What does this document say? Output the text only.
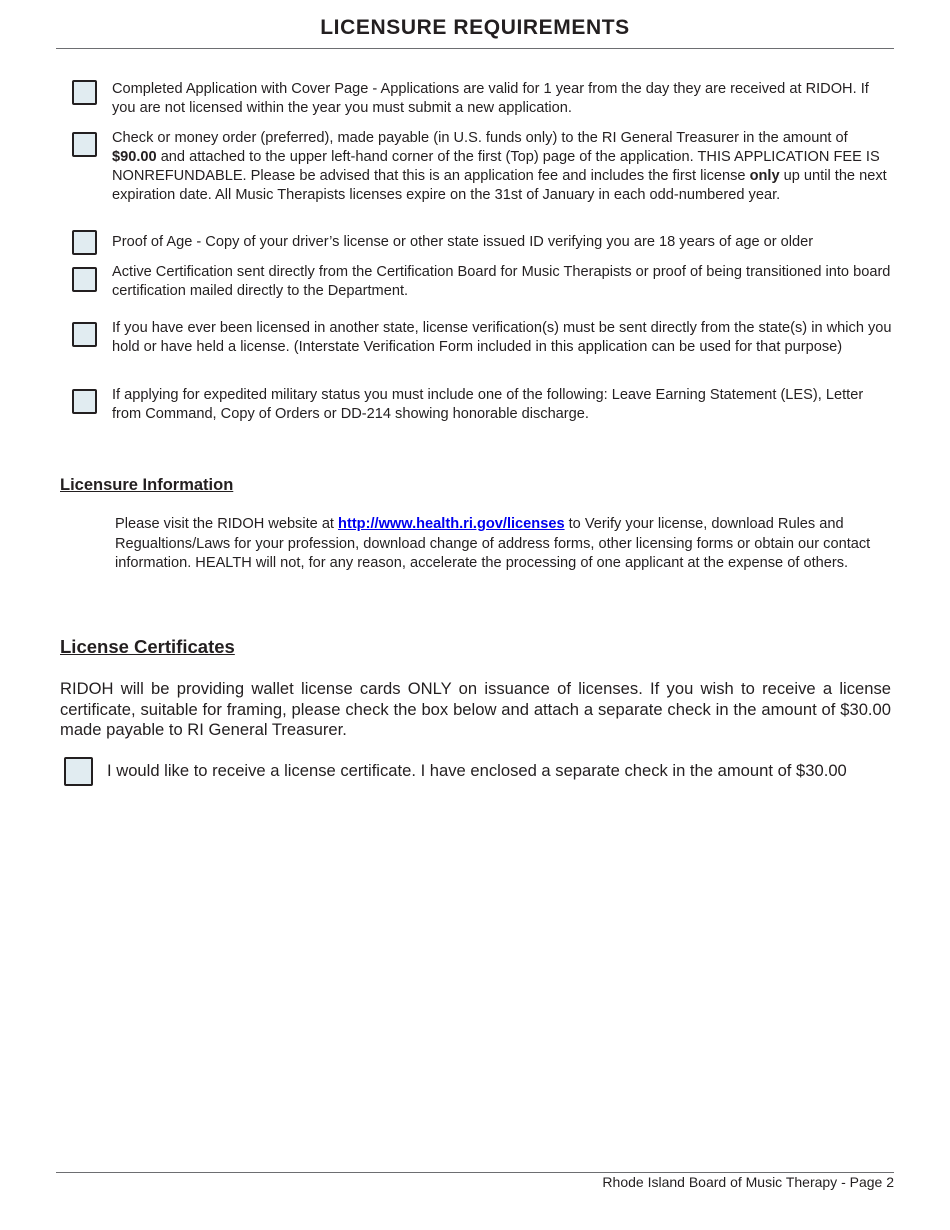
LICENSURE REQUIREMENTS
Completed Application with Cover Page - Applications are valid for 1 year from the day they are received at RIDOH. If you are not licensed within the year you must submit a new application.
Check or money order (preferred), made payable (in U.S. funds only) to the RI General Treasurer in the amount of $90.00 and attached to the upper left-hand corner of the first (Top) page of the application. THIS APPLICATION FEE IS NONREFUNDABLE. Please be advised that this is an application fee and includes the first license only up until the next expiration date. All Music Therapists licenses expire on the 31st of January in each odd-numbered year.
Proof of Age - Copy of your driver’s license or other state issued ID verifying you are 18 years of age or older
Active Certification sent directly from the Certification Board for Music Therapists or proof of being transitioned into board certification mailed directly to the Department.
If you have ever been licensed in another state, license verification(s) must be sent directly from the state(s) in which you hold or have held a license. (Interstate Verification Form included in this application can be used for that purpose)
If applying for expedited military status you must include one of the following: Leave Earning Statement (LES), Letter from Command, Copy of Orders or DD-214 showing honorable discharge.
Licensure Information
Please visit the RIDOH website at http://www.health.ri.gov/licenses to Verify your license, download Rules and Regualtions/Laws for your profession, download change of address forms, other licensing forms or obtain our contact information. HEALTH will not, for any reason, accelerate the processing of one applicant at the expense of others.
License Certificates
RIDOH will be providing wallet license cards ONLY on issuance of licenses. If you wish to receive a license certificate, suitable for framing, please check the box below and attach a separate check in the amount of $30.00 made payable to RI General Treasurer.
I would like to receive a license certificate. I have enclosed a separate check in the amount of $30.00
Rhode Island Board of Music Therapy - Page 2
